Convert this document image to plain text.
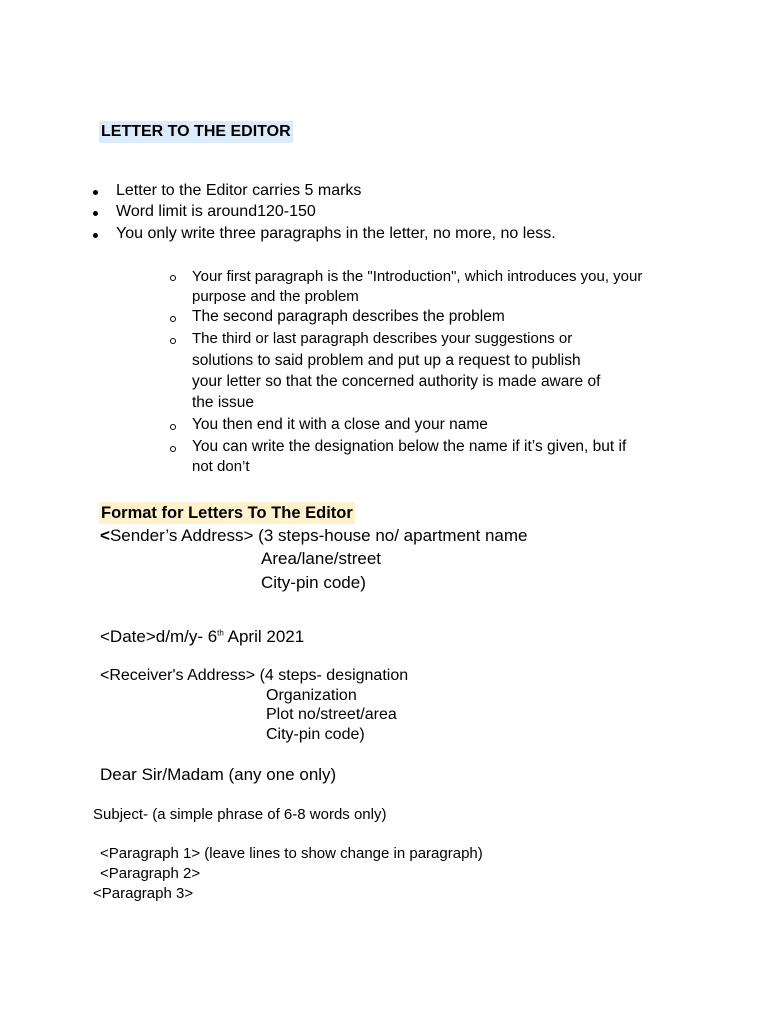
LETTER TO THE EDITOR
Letter to the Editor carries 5 marks
Word limit is around120-150
You only write three paragraphs in the letter, no more, no less.
Your first paragraph is the "Introduction", which introduces you, your
purpose and the problem
The second paragraph describes the problem
The third or last paragraph describes your suggestions or
solutions to said problem and put up a request to publish
your letter so that the concerned authority is made aware of
the issue
You then end it with a close and your name
You can write the designation below the name if it’s given, but if
not don’t
Format for Letters To The Editor
<Sender’s Address> (3 steps-house no/ apartment name
Area/lane/street
City-pin code)
<Date>d/m/y- 6th April 2021
<Receiver's Address> (4 steps- designation
Organization
Plot no/street/area
City-pin code)
Dear Sir/Madam (any one only)
Subject- (a simple phrase of 6-8 words only)
<Paragraph 1> (leave lines to show change in paragraph)
<Paragraph 2>
<Paragraph 3>
